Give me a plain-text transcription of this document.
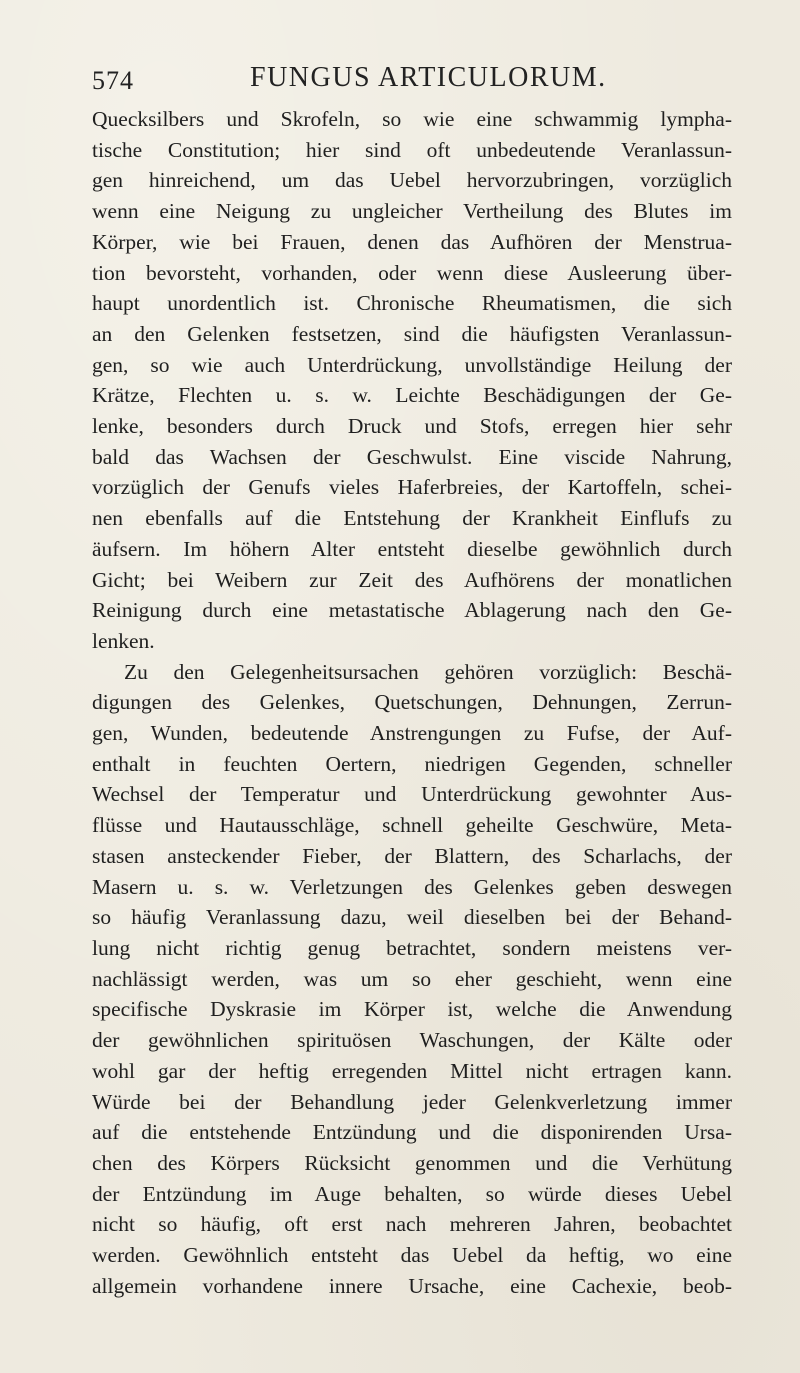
574	FUNGUS ARTICULORUM.
Quecksilbers und Skrofeln, so wie eine schwammig lympha-
tische Constitution; hier sind oft unbedeutende Veranlassun-
gen hinreichend, um das Uebel hervorzubringen, vorzüglich
wenn eine Neigung zu ungleicher Vertheilung des Blutes im
Körper, wie bei Frauen, denen das Aufhören der Menstrua-
tion bevorsteht, vorhanden, oder wenn diese Ausleerung über-
haupt unordentlich ist. Chronische Rheumatismen, die sich
an den Gelenken festsetzen, sind die häufigsten Veranlassun-
gen, so wie auch Unterdrückung, unvollständige Heilung der
Krätze, Flechten u. s. w. Leichte Beschädigungen der Ge-
lenke, besonders durch Druck und Stofs, erregen hier sehr
bald das Wachsen der Geschwulst. Eine viscide Nahrung,
vorzüglich der Genufs vieles Haferbreies, der Kartoffeln, schei-
nen ebenfalls auf die Entstehung der Krankheit Einflufs zu
äufsern. Im höhern Alter entsteht dieselbe gewöhnlich durch
Gicht; bei Weibern zur Zeit des Aufhörens der monatlichen
Reinigung durch eine metastatische Ablagerung nach den Ge-
lenken.
Zu den Gelegenheitsursachen gehören vorzüglich: Beschä-
digungen des Gelenkes, Quetschungen, Dehnungen, Zerrun-
gen, Wunden, bedeutende Anstrengungen zu Fufse, der Auf-
enthalt in feuchten Oertern, niedrigen Gegenden, schneller
Wechsel der Temperatur und Unterdrückung gewohnter Aus-
flüsse und Hautausschläge, schnell geheilte Geschwüre, Meta-
stasen ansteckender Fieber, der Blattern, des Scharlachs, der
Masern u. s. w. Verletzungen des Gelenkes geben deswegen
so häufig Veranlassung dazu, weil dieselben bei der Behand-
lung nicht richtig genug betrachtet, sondern meistens ver-
nachlässigt werden, was um so eher geschieht, wenn eine
specifische Dyskrasie im Körper ist, welche die Anwendung
der gewöhnlichen spirituösen Waschungen, der Kälte oder
wohl gar der heftig erregenden Mittel nicht ertragen kann.
Würde bei der Behandlung jeder Gelenkverletzung immer
auf die entstehende Entzündung und die disponirenden Ursa-
chen des Körpers Rücksicht genommen und die Verhütung
der Entzündung im Auge behalten, so würde dieses Uebel
nicht so häufig, oft erst nach mehreren Jahren, beobachtet
werden. Gewöhnlich entsteht das Uebel da heftig, wo eine
allgemein vorhandene innere Ursache, eine Cachexie, beob-
